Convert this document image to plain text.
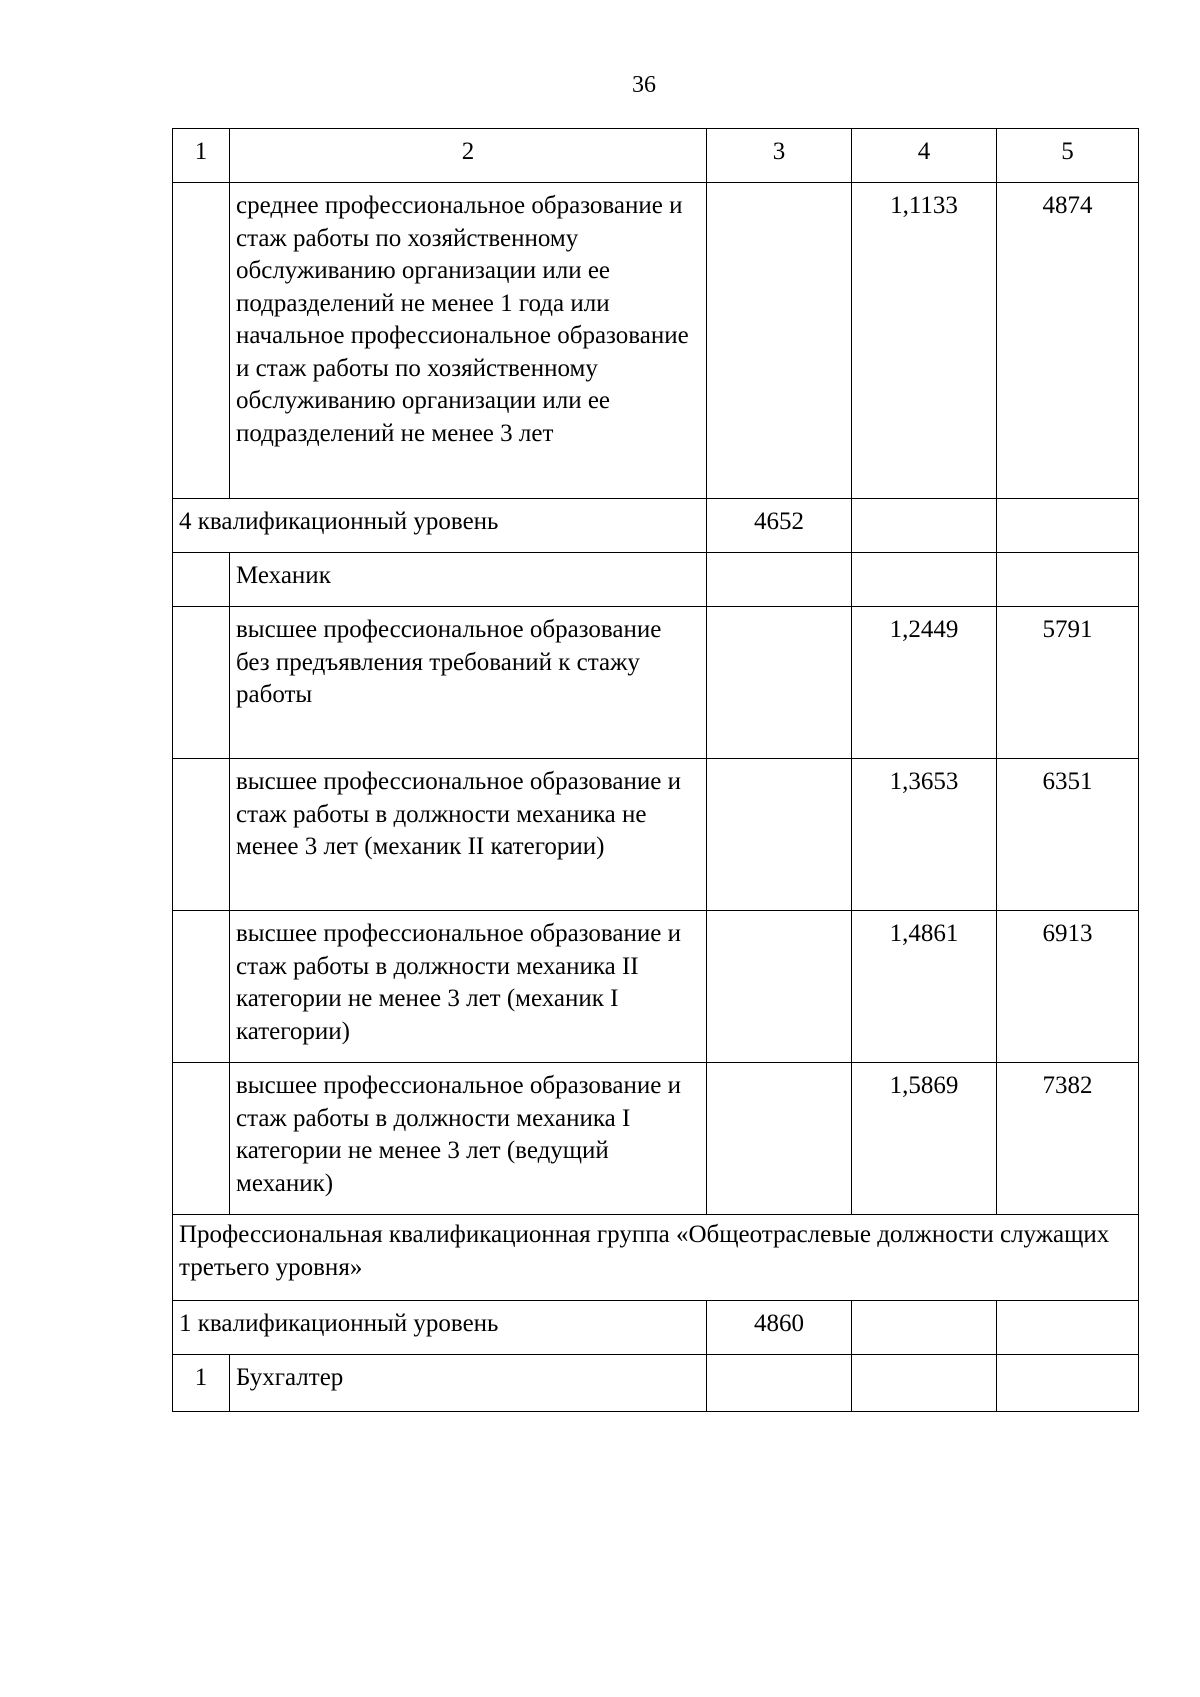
36
1	2	3	4	5
	среднее профессиональное образование и стаж работы по хозяйственному обслуживанию организации или ее подразделений не менее 1 года или начальное профессиональное образование и стаж работы по хозяйственному обслуживанию организации или ее подразделений не менее 3 лет		1,1133	4874
4 квалификационный уровень		4652		
	Механик			
	высшее профессиональное образование без предъявления требований к стажу работы		1,2449	5791
	высшее профессиональное образование и стаж работы в должности механика не менее 3 лет (механик II категории)		1,3653	6351
	высшее профессиональное образование и стаж работы в должности механика II категории не менее 3 лет (механик I категории)		1,4861	6913
	высшее профессиональное образование и стаж работы в должности механика I категории не менее 3 лет (ведущий механик)		1,5869	7382
Профессиональная квалификационная группа «Общеотраслевые должности служащих третьего уровня»				
1 квалификационный уровень		4860		
1	Бухгалтер			
